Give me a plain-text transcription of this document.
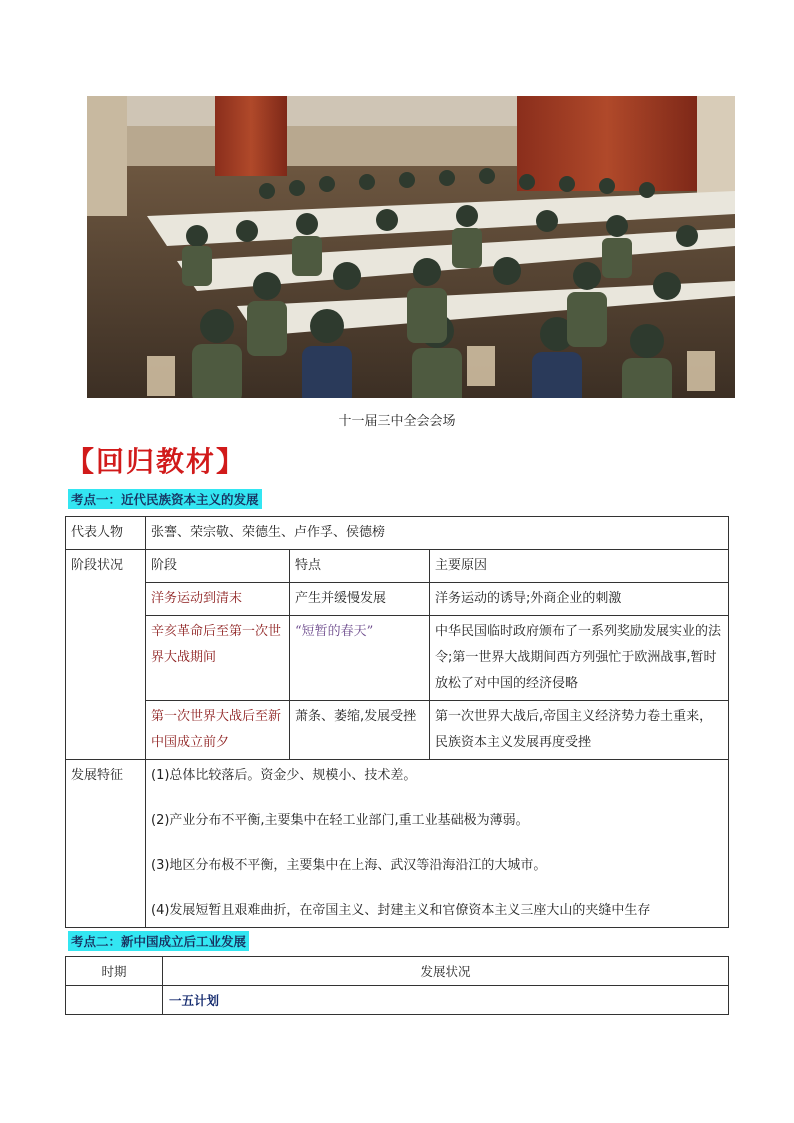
十一届三中全会会场
【回归教材】
考点一：近代民族资本主义的发展
代表人物	张謇、荣宗敬、荣德生、卢作孚、侯德榜		
阶段状况	阶段	特点	主要原因
	洋务运动到清末	产生并缓慢发展	洋务运动的诱导;外商企业的刺激
	辛亥革命后至第一次世界大战期间	“短暂的春天”	中华民国临时政府颁布了一系列奖励发展实业的法令;第一世界大战期间西方列强忙于欧洲战事,暂时放松了对中国的经济侵略
	第一次世界大战后至新中国成立前夕	萧条、萎缩,发展受挫	第一次世界大战后,帝国主义经济势力卷土重来，民族资本主义发展再度受挫
发展特征	(1)总体比较落后。资金少、规模小、技术差。

(2)产业分布不平衡,主要集中在轻工业部门,重工业基础极为薄弱。

(3)地区分布极不平衡，主要集中在上海、武汉等沿海沿江的大城市。

(4)发展短暂且艰难曲折，在帝国主义、封建主义和官僚资本主义三座大山的夹缝中生存		

考点二：新中国成立后工业发展
时期	发展状况
	一五计划
